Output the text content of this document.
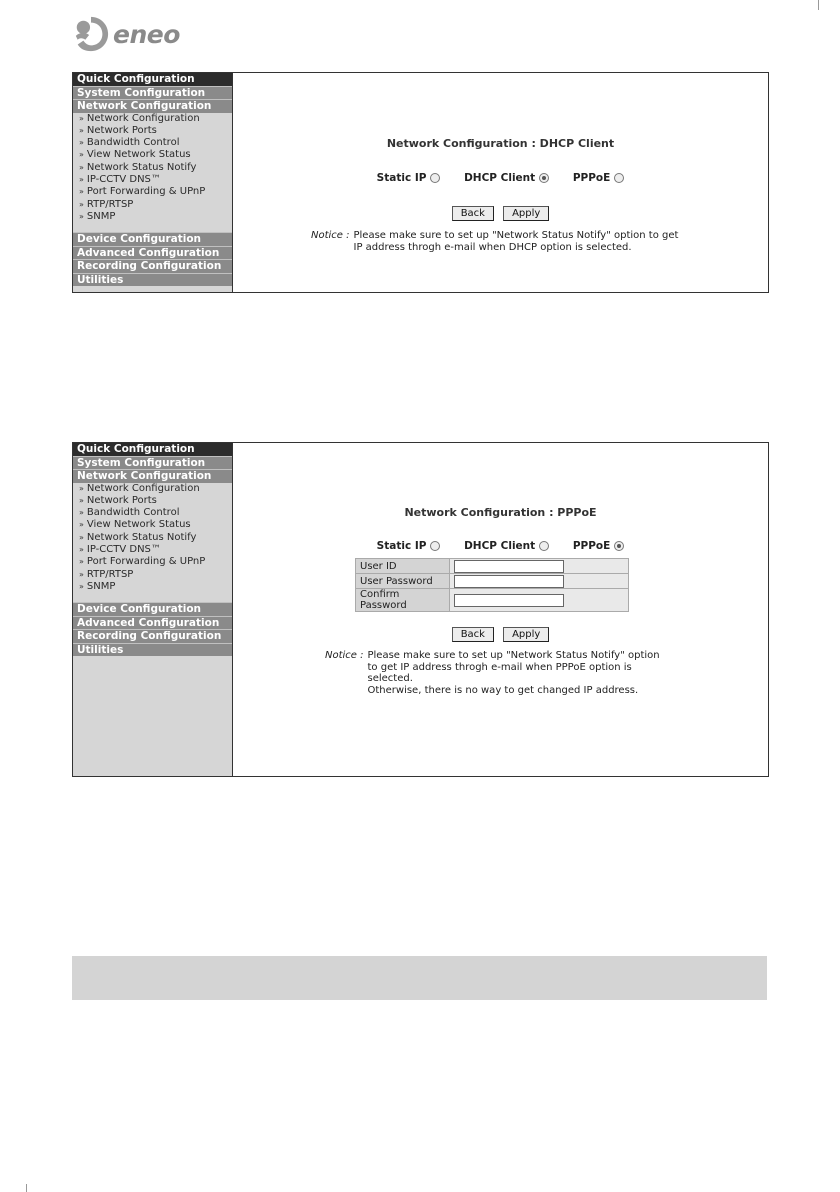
eneo
Quick Configuration
System Configuration
Network Configuration
» Network Configuration
» Network Ports
» Bandwidth Control
» View Network Status
» Network Status Notify
» IP-CCTV DNS™
» Port Forwarding & UPnP
» RTP/RTSP
» SNMP
Device Configuration
Advanced Configuration
Recording Configuration
Utilities
Network Configuration : DHCP Client
Static IP	DHCP Client	PPPoE
Back	Apply
Notice : Please make sure to set up "Network Status Notify" option to get

IP address throgh e-mail when DHCP option is selected.

Quick Configuration
System Configuration
Network Configuration
» Network Configuration
» Network Ports
» Bandwidth Control
» View Network Status
» Network Status Notify
» IP-CCTV DNS™
» Port Forwarding & UPnP
» RTP/RTSP
» SNMP
Device Configuration
Advanced Configuration
Recording Configuration
Utilities
Network Configuration : PPPoE
Static IP	DHCP Client	PPPoE
User ID	

User Password	

Confirm Password	
Back	Apply
Notice : Please make sure to set up "Network Status Notify" option

to get IP address throgh e-mail when PPPoE option is

selected.

Otherwise, there is no way to get changed IP address.
